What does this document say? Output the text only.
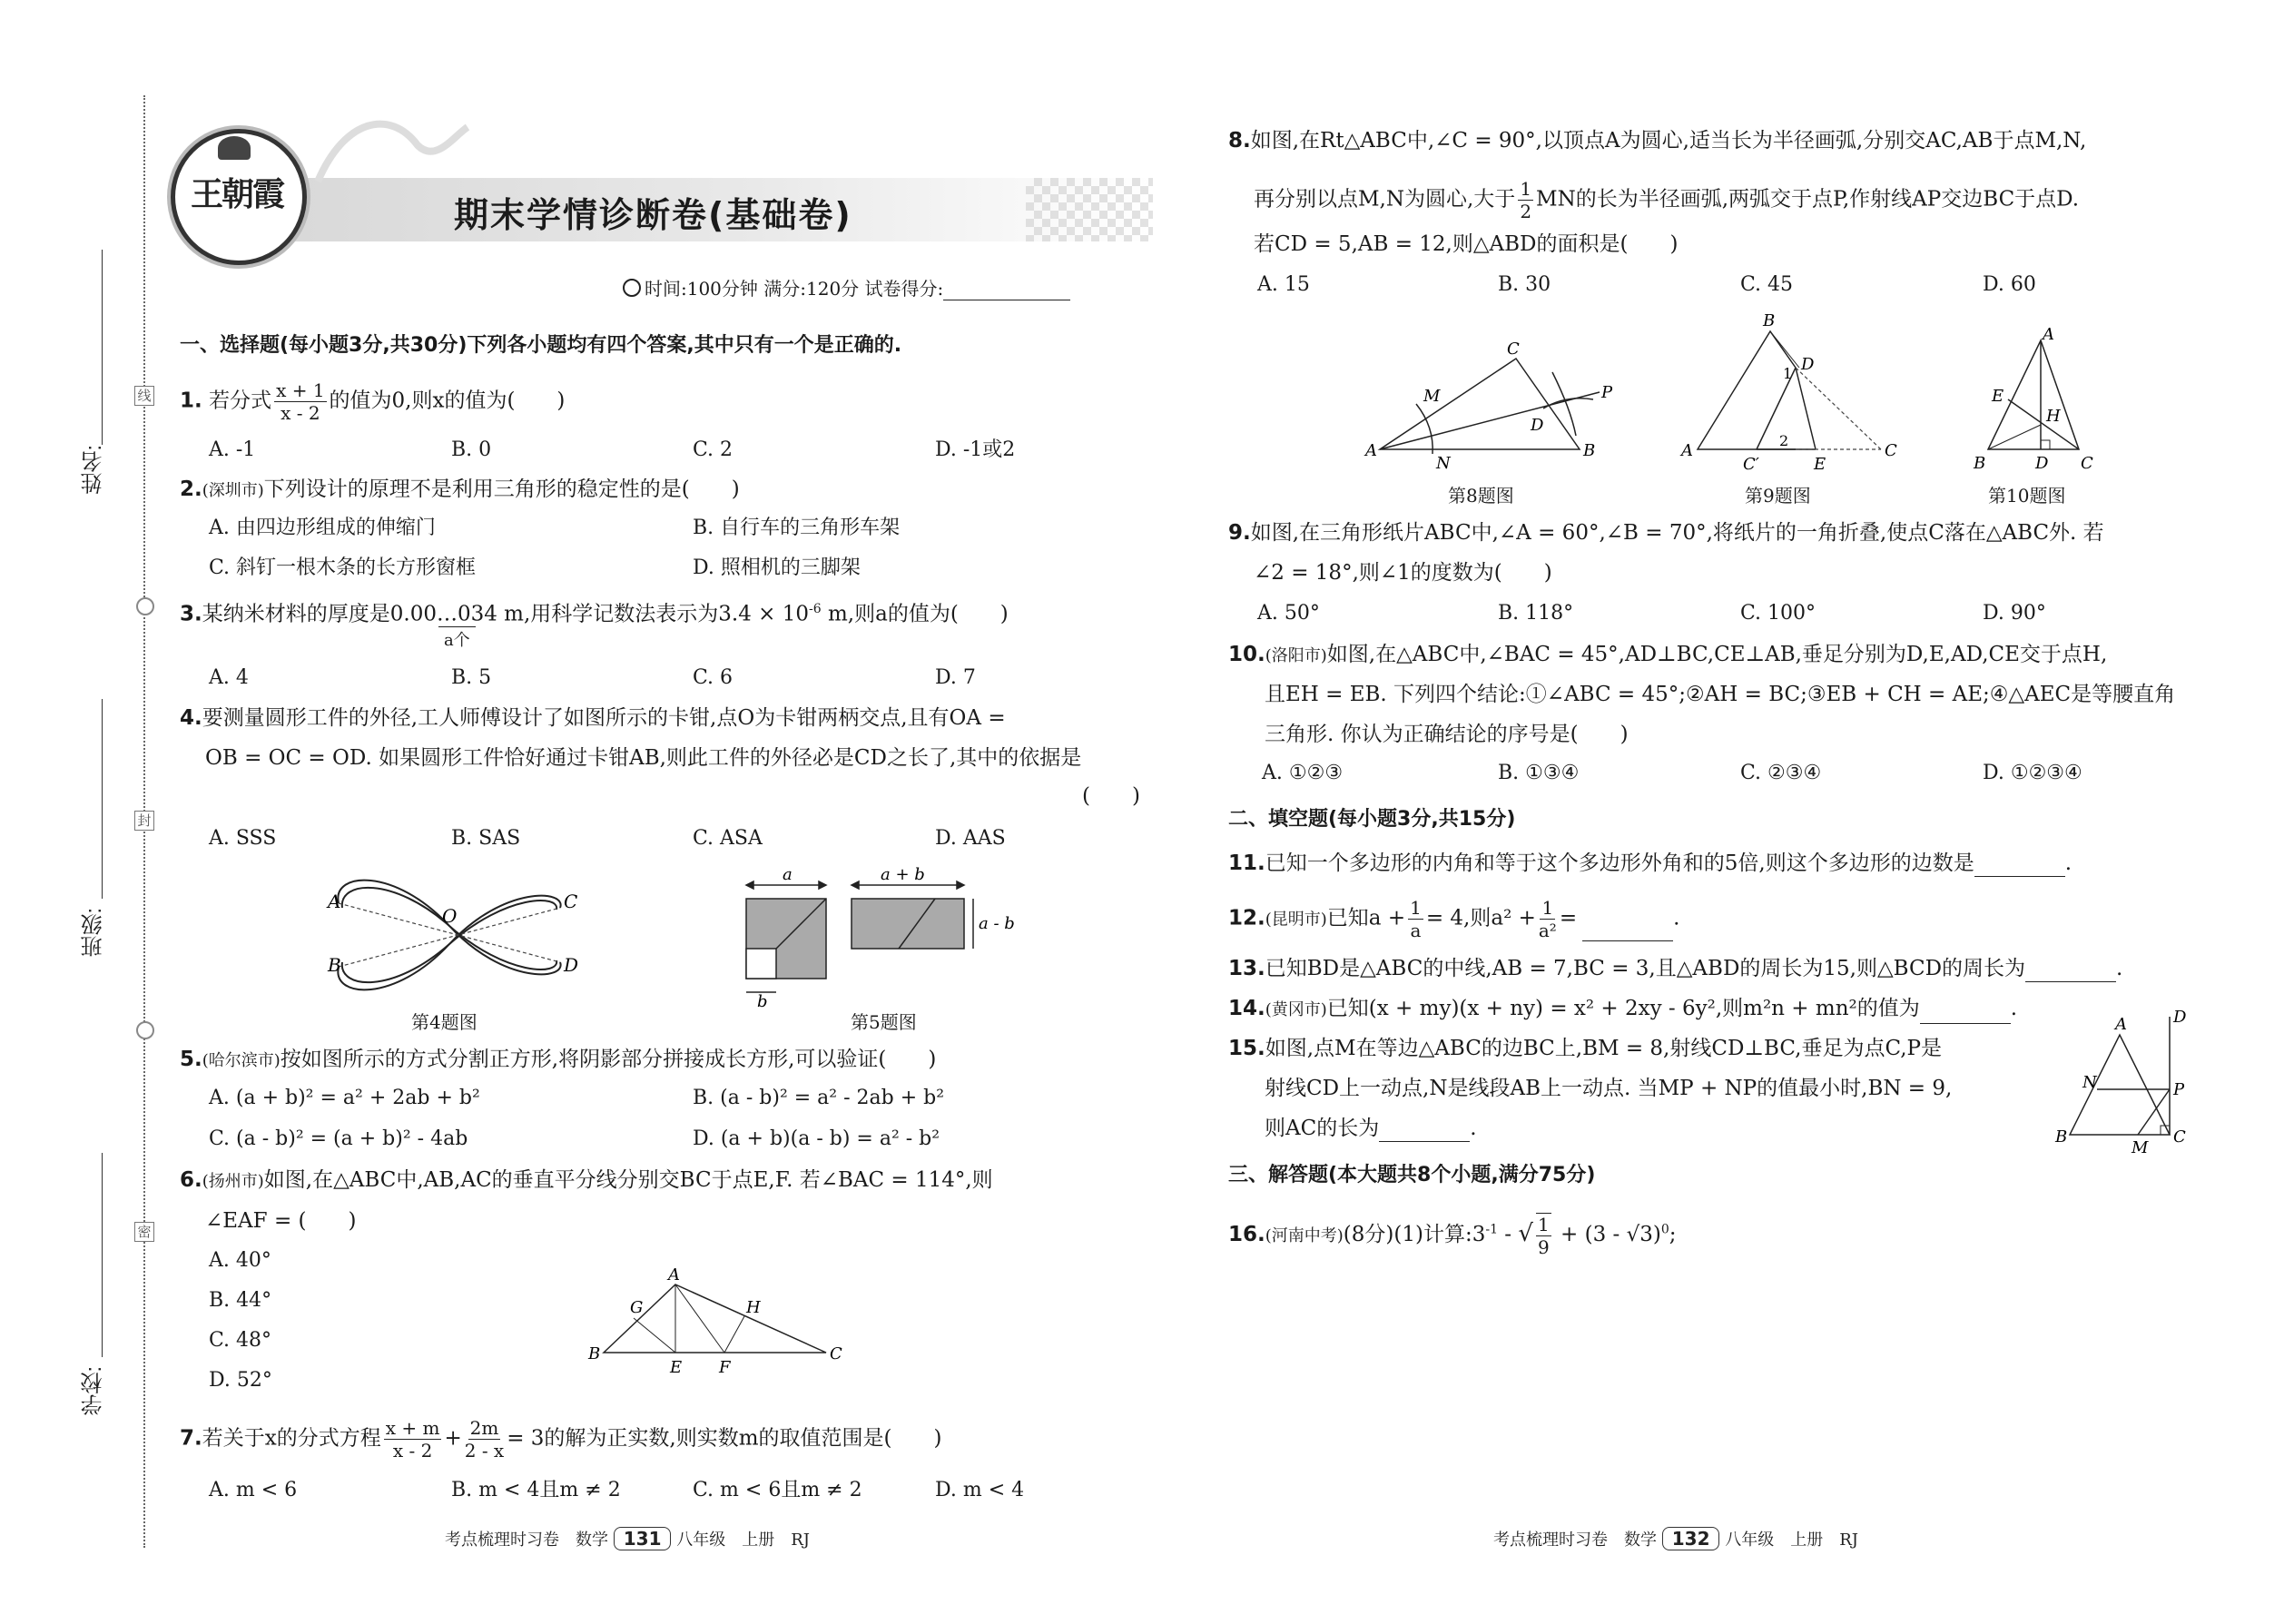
姓名:
班级:
学校:
线
封
密
王朝霞
期末学情诊断卷(基础卷)
时间:100分钟 满分:120分 试卷得分:
一、选择题(每小题3分,共30分)下列各小题均有四个答案,其中只有一个是正确的.
1. 若分式 $\frac{x + 1}{x - 2}$ 的值为0,则x的值为(　　)
A. -1	B. 0	C. 2	D. -1或2
2.(深圳市)下列设计的原理不是利用三角形的稳定性的是(　　)
A. 由四边形组成的伸缩门	B. 自行车的三角形车架
C. 斜钉一根木条的长方形窗框	D. 照相机的三脚架
3.某纳米材料的厚度是0.00…034 m,用科学记数法表示为$3.4 \times 10^{-6}$ m,则a的值为(　　)
a个
A. 4	B. 5	C. 6	D. 7
4.要测量圆形工件的外径,工人师傅设计了如图所示的卡钳,点O为卡钳两柄交点,且有OA =
OB = OC = OD. 如果圆形工件恰好通过卡钳AB,则此工件的外径必是CD之长了,其中的依据是
(　　)
A. SSS	B. SAS	C. ASA	D. AAS
A
B
C
D
O
第4题图
a
b
a + b
a - b
第5题图
5.(哈尔滨市)按如图所示的方式分割正方形,将阴影部分拼接成长方形,可以验证(　　)
A. (a + b)² = a² + 2ab + b²	B. (a - b)² = a² - 2ab + b²
C. (a - b)² = (a + b)² - 4ab	D. (a + b)(a - b) = a² - b²
6.(扬州市)如图,在△ABC中,AB,AC的垂直平分线分别交BC于点E,F. 若∠BAC = 114°,则
∠EAF = (　　)
A. 40°
B. 44°
C. 48°
D. 52°
A
B	C
G	H
E F
7.若关于x的分式方程 $\frac{x + m}{x - 2} + \frac{2m}{2 - x} = 3$的解为正实数,则实数m的取值范围是(　　)
A. m < 6	B. m < 4且m ≠ 2	C. m < 6且m ≠ 2	D. m < 4
考点梳理时习卷　数学 131 八年级　上册　RJ
8.如图,在Rt△ABC中,∠C = 90°,以顶点A为圆心,适当长为半径画弧,分别交AC,AB于点M,N,
再分别以点M,N为圆心,大于 $\frac{1}{2}$ MN的长为半径画弧,两弧交于点P,作射线AP交边BC于点D.
若CD = 5,AB = 12,则△ABD的面积是(　　)
A. 15	B. 30	C. 45	D. 60
A	B
C
M
N
D
P
第8题图
B
A	C
D
E
C′
1
2
第9题图
A
B	C
D
E
H
第10题图
9.如图,在三角形纸片ABC中,∠A = 60°,∠B = 70°,将纸片的一角折叠,使点C落在△ABC外. 若
∠2 = 18°,则∠1的度数为(　　)
A. 50°	B. 118°	C. 100°	D. 90°
10.(洛阳市)如图,在△ABC中,∠BAC = 45°,AD⊥BC,CE⊥AB,垂足分别为D,E,AD,CE交于点H,
且EH = EB. 下列四个结论:①∠ABC = 45°;②AH = BC;③EB + CH = AE;④△AEC是等腰直角
三角形. 你认为正确结论的序号是(　　)
A. ①②③	B. ①③④	C. ②③④	D. ①②③④
二、填空题(每小题3分,共15分)
11.已知一个多边形的内角和等于这个多边形外角和的5倍,则这个多边形的边数是	.
12.(昆明市)已知$a + \frac{1}{a} = 4$,则$a^2 + \frac{1}{\text{a²}}$ =	.
13.已知BD是△ABC的中线,AB = 7,BC = 3,且△ABD的周长为15,则△BCD的周长为	.
14.(黄冈市)已知(x + my)(x + ny) = x² + 2xy - 6y²,则m²n + mn²的值为	.
15.如图,点M在等边△ABC的边BC上,BM = 8,射线CD⊥BC,垂足为点C,P是
射线CD上一动点,N是线段AB上一动点. 当MP + NP的值最小时,BN = 9,
则AC的长为	.
A	D
N	P
B
M
C
三、解答题(本大题共8个小题,满分75分)
16.(河南中考)(8分)(1)计算$:3^{-1}$ - √ $\frac{1}{9} + (3 - √3)^0$;
考点梳理时习卷　数学 132 八年级　上册　RJ
